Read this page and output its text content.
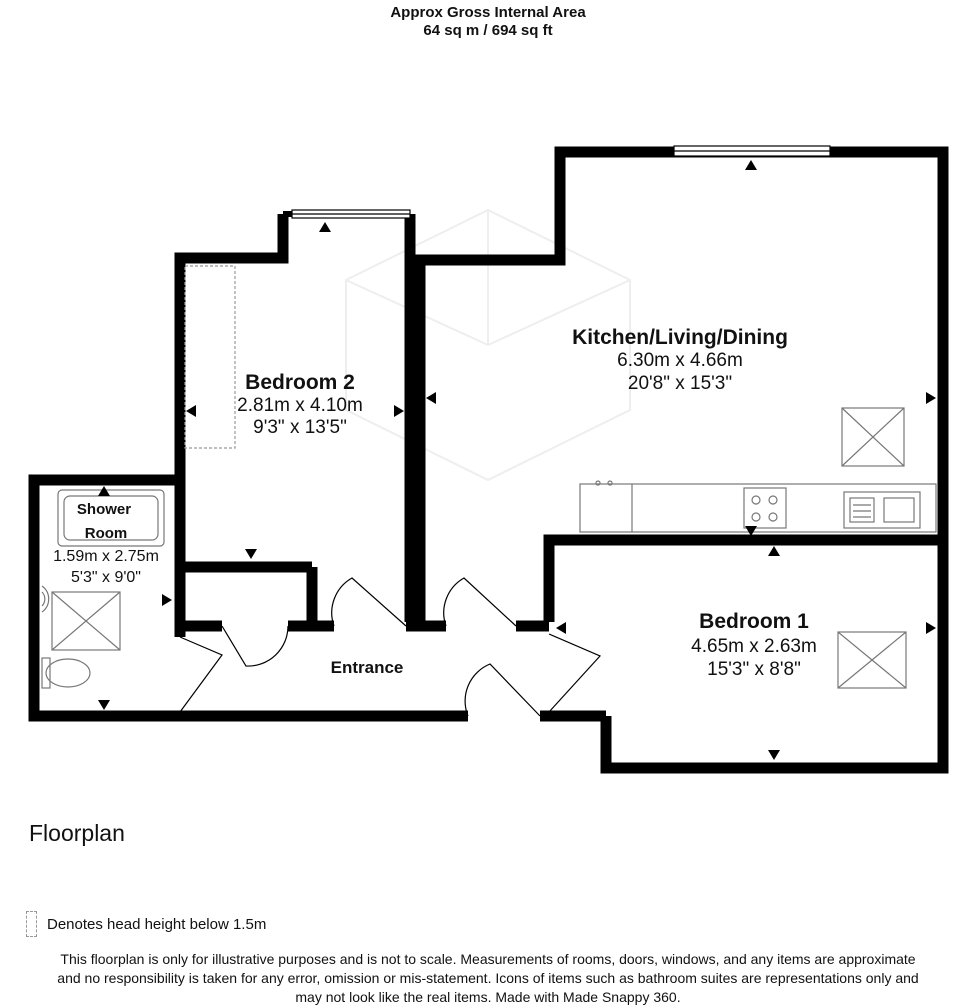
Approx Gross Internal Area
64 sq m / 694 sq ft
Kitchen/Living/Dining
6.30m x 4.66m
20'8" x 15'3"
Bedroom 2
2.81m x 4.10m
9'3" x 13'5"
Shower
Room
1.59m x 2.75m
5'3" x 9'0"
Bedroom 1
4.65m x 2.63m
15'3" x 8'8"
Entrance
Floorplan
Denotes head height below 1.5m
This floorplan is only for illustrative purposes and is not to scale. Measurements of rooms, doors, windows, and any items are approximate
and no responsibility is taken for any error, omission or mis-statement. Icons of items such as bathroom suites are representations only and
may not look like the real items. Made with Made Snappy 360.
